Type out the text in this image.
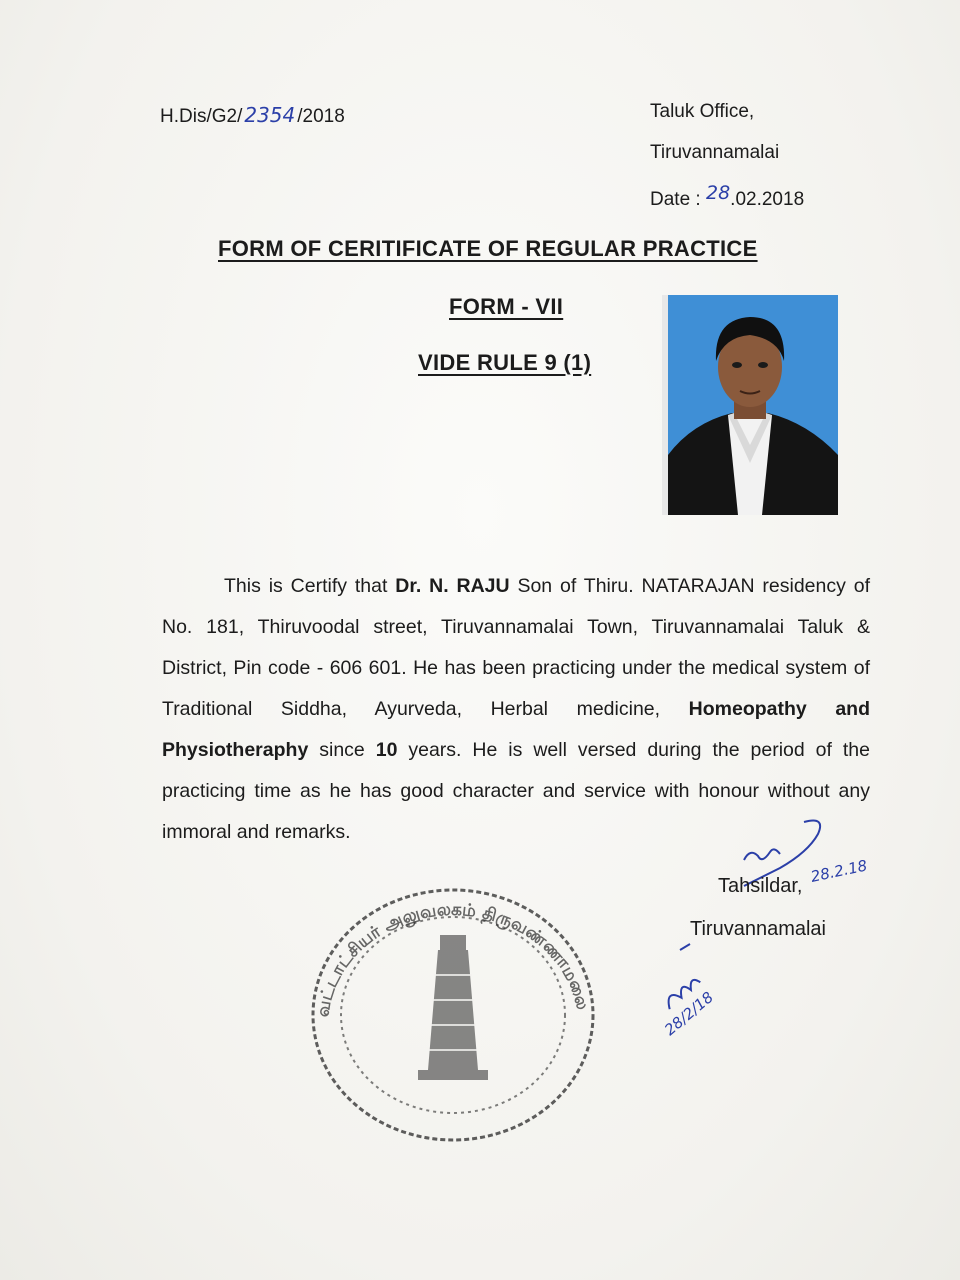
H.Dis/G2/ 2354 /2018	Taluk Office,
Tiruvannamalai
Date : 28.02.2018
FORM OF CERITIFICATE OF REGULAR PRACTICE
FORM - VII
VIDE RULE 9 (1)

This is Certify that Dr. N. RAJU Son of Thiru. NATARAJAN residency of No. 181, Thiruvoodal street, Tiruvannamalai Town, Tiruvannamalai Taluk & District, Pin code - 606 601. He has been practicing under the medical system of Traditional Siddha, Ayurveda, Herbal medicine, Homeopathy and Physiotheraphy since 10 years. He is well versed during the period of the practicing time as he has good character and service with honour without any immoral and remarks.

28.2.18
Tahsildar,
Tiruvannamalai
28/2/18
வட்டாட்சியர் அலுவலகம் திருவண்ணாமலை
